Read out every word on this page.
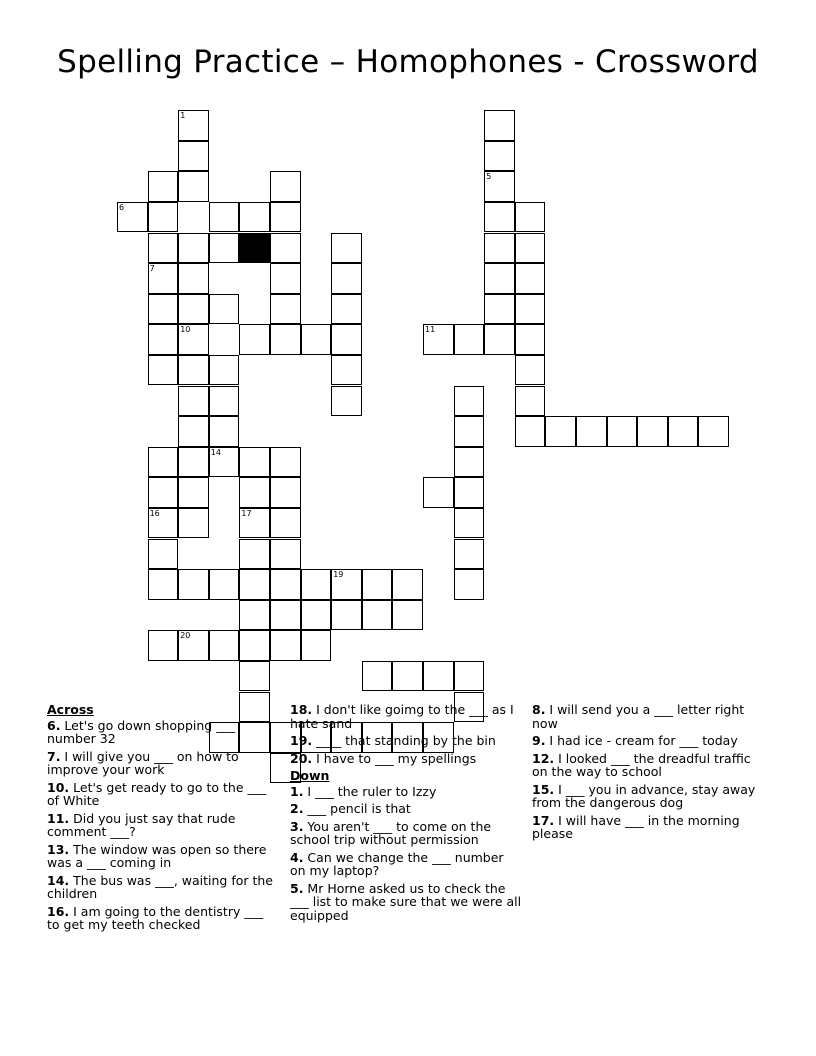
Spelling Practice – Homophones - Crossword
1
6
10	11
7
5
16
14
17
19
20
Across
6. Let's go down shopping ___ number 32
7. I will give you ___ on how to improve your work
10. Let's get ready to go to the ___ of White
11. Did you just say that rude comment ___?
13. The window was open so there was a ___ coming in
14. The bus was ___, waiting for the children
16. I am going to the dentistry ___ to get my teeth checked
18. I don't like goimg to the ___ as I hate sand
19. ____ that standing by the bin
20. I have to ___ my spellings
Down
1. I ___ the ruler to Izzy
2. ___ pencil is that
3. You aren't ___ to come on the school trip without permission
4. Can we change the ___ number on my laptop?
5. Mr Horne asked us to check the ___ list to make sure that we were all equipped
8. I will send you a ___ letter right now
9. I had ice - cream for ___ today
12. I looked ___ the dreadful traffic on the way to school
15. I ___ you in advance, stay away from the dangerous dog
17. I will have ___ in the morning please
